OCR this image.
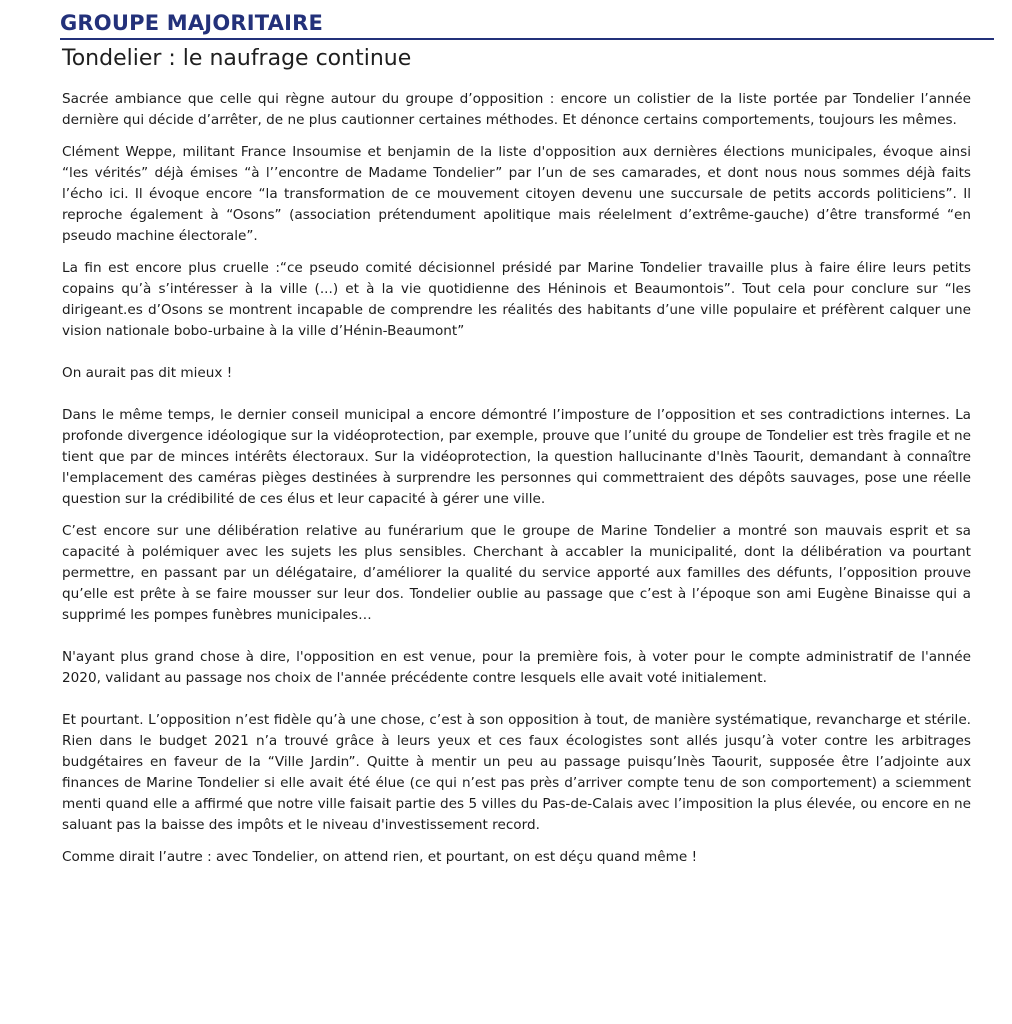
GROUPE MAJORITAIRE
Tondelier : le naufrage continue

Sacrée ambiance que celle qui règne autour du groupe d’opposition : encore un colistier de la liste portée par Tondelier l’année dernière qui décide d’arrêter, de ne plus cautionner certaines méthodes. Et dénonce certains comportements, toujours les mêmes.

Clément Weppe, militant France Insoumise et benjamin de la liste d'opposition aux dernières élections municipales, évoque ainsi “les vérités” déjà émises “à l’’encontre de Madame Tondelier” par l’un de ses camarades, et dont nous nous sommes déjà faits l’écho ici. Il évoque encore “la transformation de ce mouvement citoyen devenu une succursale de petits accords politiciens”. Il reproche également à “Osons” (association prétendument apolitique mais réelelment d’extrême-gauche) d’être transformé “en pseudo machine électorale”.

La fin est encore plus cruelle :“ce pseudo comité décisionnel présidé par Marine Tondelier travaille plus à faire élire leurs petits copains qu’à s’intéresser à la ville (...) et à la vie quotidienne des Héninois et Beaumontois”. Tout cela pour conclure sur “les dirigeant.es d’Osons se montrent incapable de comprendre les réalités des habitants d’une ville populaire et préfèrent calquer une vision nationale bobo-urbaine à la ville d’Hénin-Beaumont”

On aurait pas dit mieux !

Dans le même temps, le dernier conseil municipal a encore démontré l’imposture de l’opposition et ses contradictions internes. La profonde divergence idéologique sur la vidéoprotection, par exemple, prouve que l’unité du groupe de Tondelier est très fragile et ne tient que par de minces intérêts électoraux. Sur la vidéoprotection, la question hallucinante d'Inès Taourit, demandant à connaître l'emplacement des caméras pièges destinées à surprendre les personnes qui commettraient des dépôts sauvages, pose une réelle question sur la crédibilité de ces élus et leur capacité à gérer une ville.

C’est encore sur une délibération relative au funérarium que le groupe de Marine Tondelier a montré son mauvais esprit et sa capacité à polémiquer avec les sujets les plus sensibles. Cherchant à accabler la municipalité, dont la délibération va pourtant permettre, en passant par un délégataire, d’améliorer la qualité du service apporté aux familles des défunts, l’opposition prouve qu’elle est prête à se faire mousser sur leur dos. Tondelier oublie au passage que c’est à l’époque son ami Eugène Binaisse qui a supprimé les pompes funèbres municipales…

N'ayant plus grand chose à dire, l'opposition en est venue, pour la première fois, à voter pour le compte administratif de l'année 2020, validant au passage nos choix de l'année précédente contre lesquels elle avait voté initialement.

Et pourtant. L’opposition n’est fidèle qu’à une chose, c’est à son opposition à tout, de manière systématique, revancharge et stérile. Rien dans le budget 2021 n’a trouvé grâce à leurs yeux et ces faux écologistes sont allés jusqu’à voter contre les arbitrages budgétaires en faveur de la “Ville Jardin”. Quitte à mentir un peu au passage puisqu’Inès Taourit, supposée être l’adjointe aux finances de Marine Tondelier si elle avait été élue (ce qui n’est pas près d’arriver compte tenu de son comportement) a sciemment menti quand elle a affirmé que notre ville faisait partie des 5 villes du Pas-de-Calais avec l’imposition la plus élevée, ou encore en ne saluant pas la baisse des impôts et le niveau d'investissement record.

Comme dirait l’autre : avec Tondelier, on attend rien, et pourtant, on est déçu quand même !
